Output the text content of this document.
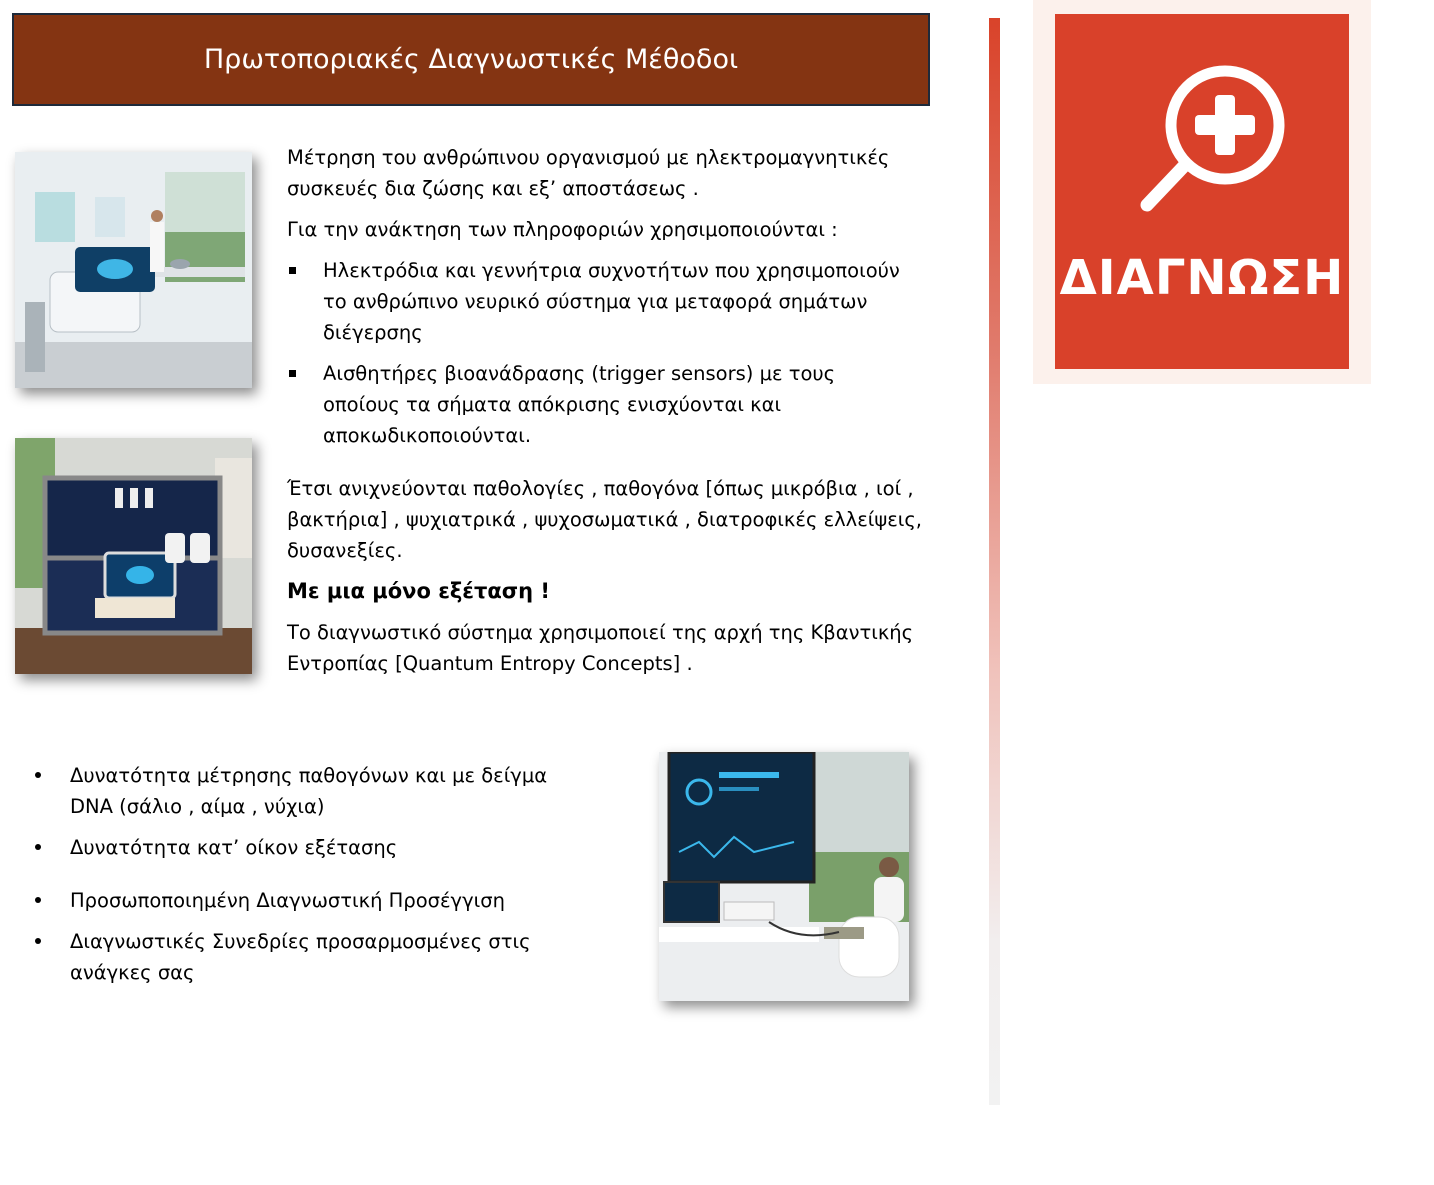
Πρωτοποριακές Διαγνωστικές Μέθοδοι

Μέτρηση του ανθρώπινου οργανισμού με ηλεκτρομαγνητικές συσκευές δια ζώσης και εξ’ αποστάσεως .

Για την ανάκτηση των πληροφοριών χρησιμοποιούνται :

Ηλεκτρόδια και γεννήτρια συχνοτήτων που χρησιμοποιούν το ανθρώπινο νευρικό σύστημα για μεταφορά σημάτων διέγερσης
Αισθητήρες βιοανάδρασης (trigger sensors) με τους οποίους τα σήματα απόκρισης ενισχύονται και αποκωδικοποιούνται.

Έτσι ανιχνεύονται παθολογίες , παθογόνα [όπως μικρόβια , ιοί , βακτήρια] , ψυχιατρικά , ψυχοσωματικά , διατροφικές ελλείψεις, δυσανεξίες.

Με μια μόνο εξέταση !

Το διαγνωστικό σύστημα χρησιμοποιεί της αρχή της Κβαντικής Εντροπίας [Quantum Entropy Concepts] .

Δυνατότητα μέτρησης παθογόνων και με δείγμα DNA (σάλιο , αίμα , νύχια)
Δυνατότητα κατ’ οίκον εξέτασης
Προσωποποιημένη Διαγνωστική Προσέγγιση
Διαγνωστικές Συνεδρίες προσαρμοσμένες στις ανάγκες σας
ΔΙΑΓΝΩΣΗ
